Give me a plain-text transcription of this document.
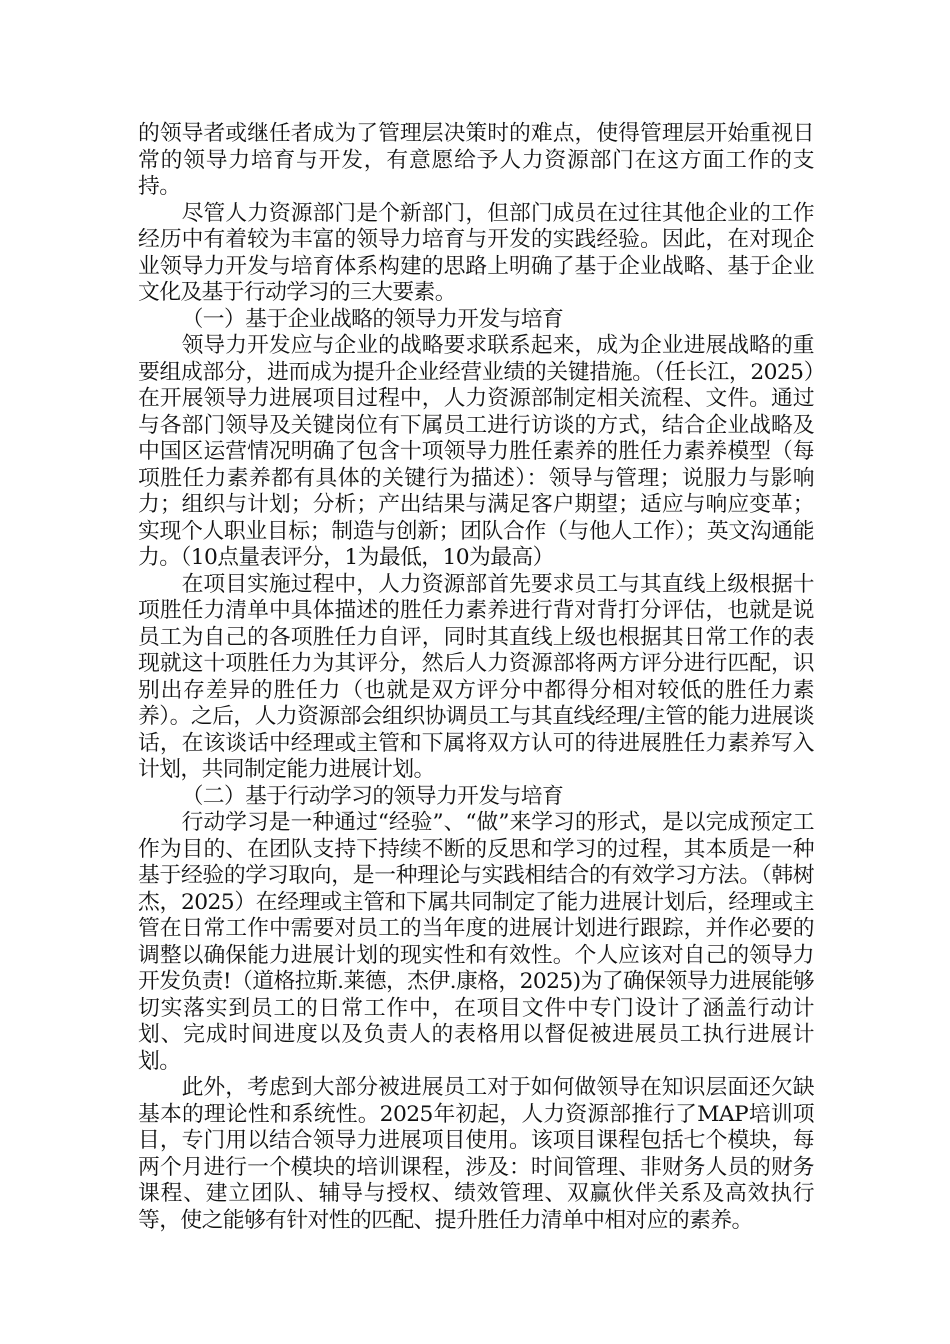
的领导者或继任者成为了管理层决策时的难点，使得管理层开始重视日常的领导力培育与开发，有意愿给予人力资源部门在这方面工作的支持。

尽管人力资源部门是个新部门，但部门成员在过往其他企业的工作经历中有着较为丰富的领导力培育与开发的实践经验。因此，在对现企业领导力开发与培育体系构建的思路上明确了基于企业战略、基于企业文化及基于行动学习的三大要素。

（一）基于企业战略的领导力开发与培育

领导力开发应与企业的战略要求联系起来，成为企业进展战略的重要组成部分，进而成为提升企业经营业绩的关键措施。（任长江，2025）在开展领导力进展项目过程中，人力资源部制定相关流程、文件。通过与各部门领导及关键岗位有下属员工进行访谈的方式，结合企业战略及中国区运营情况明确了包含十项领导力胜任素养的胜任力素养模型（每项胜任力素养都有具体的关键行为描述）：领导与管理；说服力与影响力；组织与计划；分析；产出结果与满足客户期望；适应与响应变革；实现个人职业目标；制造与创新；团队合作（与他人工作）；英文沟通能力。（10点量表评分，1为最低，10为最高）

在项目实施过程中，人力资源部首先要求员工与其直线上级根据十项胜任力清单中具体描述的胜任力素养进行背对背打分评估，也就是说员工为自己的各项胜任力自评，同时其直线上级也根据其日常工作的表现就这十项胜任力为其评分，然后人力资源部将两方评分进行匹配，识别出存差异的胜任力（也就是双方评分中都得分相对较低的胜任力素养）。之后，人力资源部会组织协调员工与其直线经理/主管的能力进展谈话，在该谈话中经理或主管和下属将双方认可的待进展胜任力素养写入计划，共同制定能力进展计划。

（二）基于行动学习的领导力开发与培育

行动学习是一种通过“经验”、“做”来学习的形式，是以完成预定工作为目的、在团队支持下持续不断的反思和学习的过程，其本质是一种基于经验的学习取向，是一种理论与实践相结合的有效学习方法。（韩树杰，2025）在经理或主管和下属共同制定了能力进展计划后，经理或主管在日常工作中需要对员工的当年度的进展计划进行跟踪，并作必要的调整以确保能力进展计划的现实性和有效性。个人应该对自己的领导力开发负责!（道格拉斯.莱德，杰伊.康格，2025)为了确保领导力进展能够切实落实到员工的日常工作中，在项目文件中专门设计了涵盖行动计划、完成时间进度以及负责人的表格用以督促被进展员工执行进展计划。

此外，考虑到大部分被进展员工对于如何做领导在知识层面还欠缺基本的理论性和系统性。2025年初起，人力资源部推行了MAP培训项目，专门用以结合领导力进展项目使用。该项目课程包括七个模块，每两个月进行一个模块的培训课程，涉及：时间管理、非财务人员的财务课程、建立团队、辅导与授权、绩效管理、双赢伙伴关系及高效执行等，使之能够有针对性的匹配、提升胜任力清单中相对应的素养。
